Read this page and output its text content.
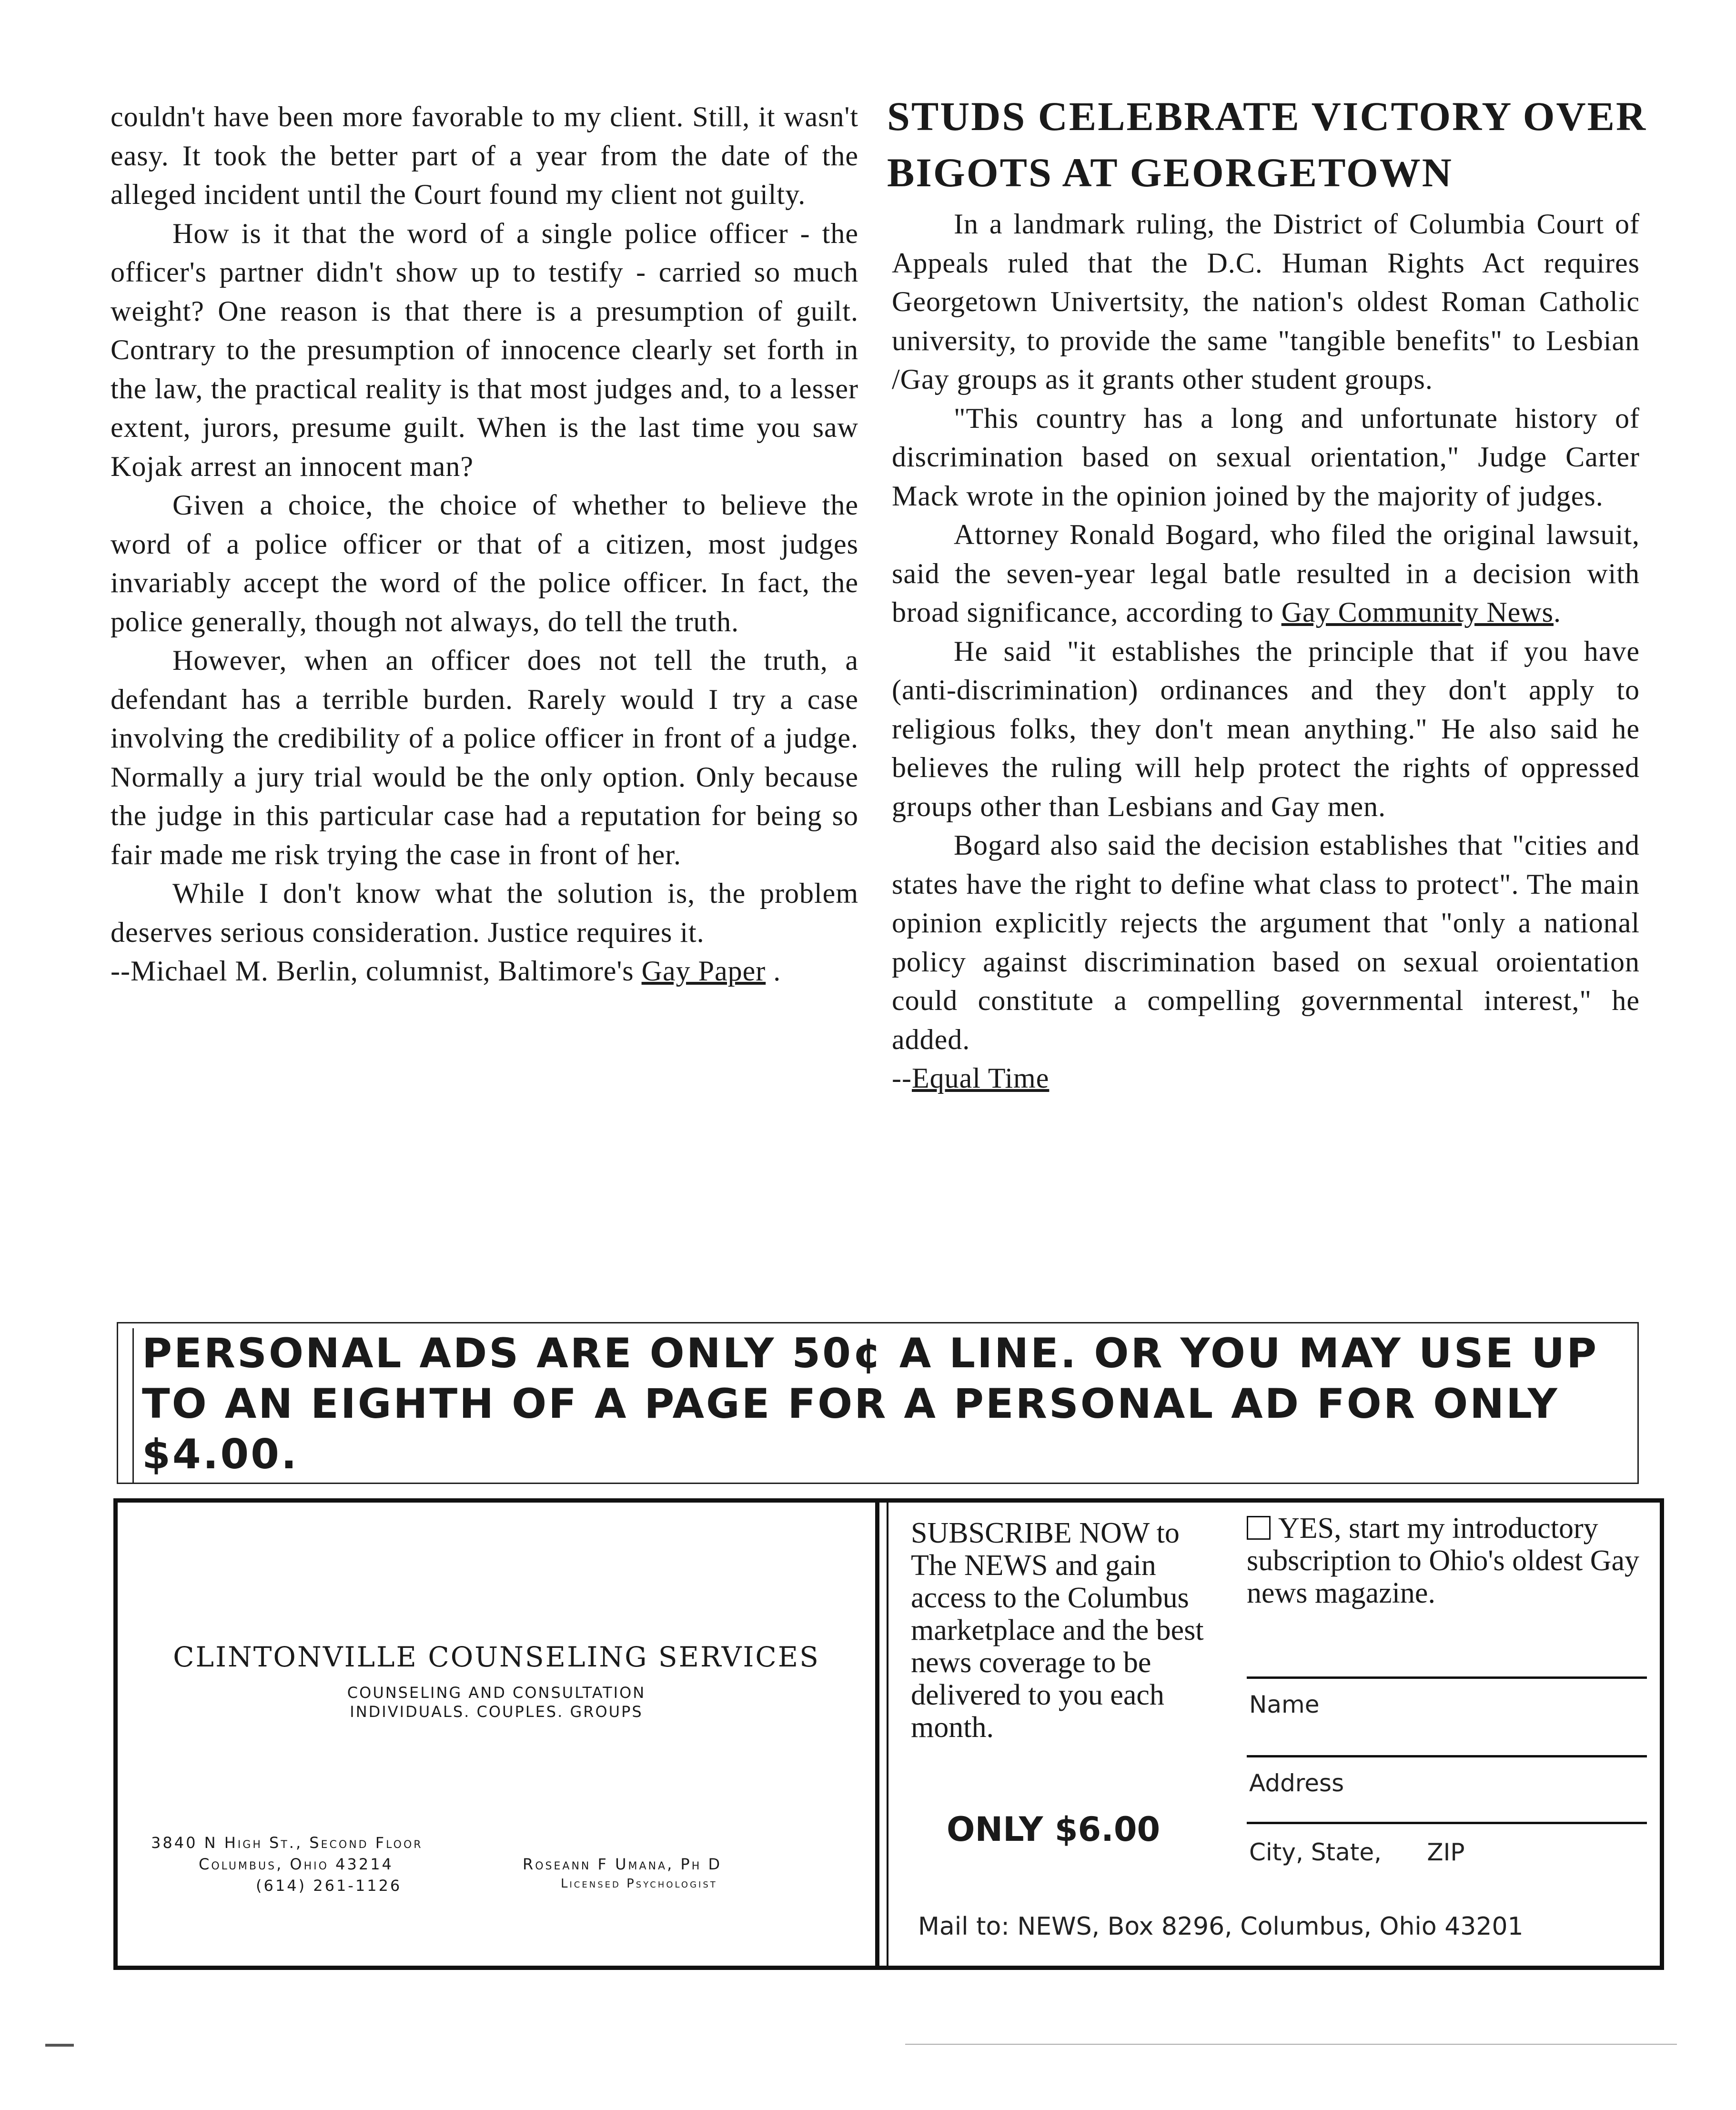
couldn't have been more favorable to my client. Still, it wasn't easy. It took the better part of a year from the date of the alleged incident until the Court found my client not guilty.

How is it that the word of a single police officer - the officer's partner didn't show up to testify - carried so much weight? One reason is that there is a presumption of guilt. Contrary to the presumption of innocence clearly set forth in the law, the practical reality is that most judges and, to a lesser extent, jurors, presume guilt. When is the last time you saw Kojak arrest an innocent man?

Given a choice, the choice of whether to believe the word of a police officer or that of a citizen, most judges invariably accept the word of the police officer. In fact, the police generally, though not always, do tell the truth.

However, when an officer does not tell the truth, a defendant has a terrible burden. Rarely would I try a case involving the credibility of a police officer in front of a judge. Normally a jury trial would be the only option. Only because the judge in this particular case had a reputation for being so fair made me risk trying the case in front of her.

While I don't know what the solution is, the problem deserves serious consideration. Justice requires it.

--Michael M. Berlin, columnist, Baltimore's Gay Paper .

STUDS CELEBRATE VICTORY OVER BIGOTS AT GEORGETOWN

In a landmark ruling, the District of Columbia Court of Appeals ruled that the D.C. Human Rights Act requires Georgetown Univertsity, the nation's oldest Roman Catholic university, to provide the same "tangible benefits" to Lesbian /Gay groups as it grants other student groups.

"This country has a long and unfortunate history of discrimination based on sexual orientation," Judge Carter Mack wrote in the opinion joined by the majority of judges.

Attorney Ronald Bogard, who filed the original lawsuit, said the seven-year legal batle resulted in a decision with broad significance, according to Gay Community News.

He said "it establishes the principle that if you have (anti-discrimination) ordinances and they don't apply to religious folks, they don't mean anything." He also said he believes the ruling will help protect the rights of oppressed groups other than Lesbians and Gay men.

Bogard also said the decision establishes that "cities and states have the right to define what class to protect". The main opinion explicitly rejects the argument that "only a national policy against discrimination based on sexual oroientation could constitute a compelling governmental interest," he added.

--Equal Time

PERSONAL ADS ARE ONLY 50¢ A LINE. OR YOU MAY USE UP TO AN EIGHTH OF A PAGE FOR A PERSONAL AD FOR ONLY $4.00.
CLINTONVILLE COUNSELING SERVICES
COUNSELING AND CONSULTATION
INDIVIDUALS. COUPLES. GROUPS
3840 N High St., Second Floor
Columbus, Ohio 43214
(614) 261-1126
Roseann F Umana, Ph D
Licensed Psychologist
SUBSCRIBE NOW to The NEWS and gain access to the Columbus marketplace and the best news coverage to be delivered to you each month.
ONLY $6.00
YES, start my introductory subscription to Ohio's oldest Gay news magazine.
Name
Address
City, State,      ZIP
Mail to: NEWS, Box 8296, Columbus, Ohio 43201
